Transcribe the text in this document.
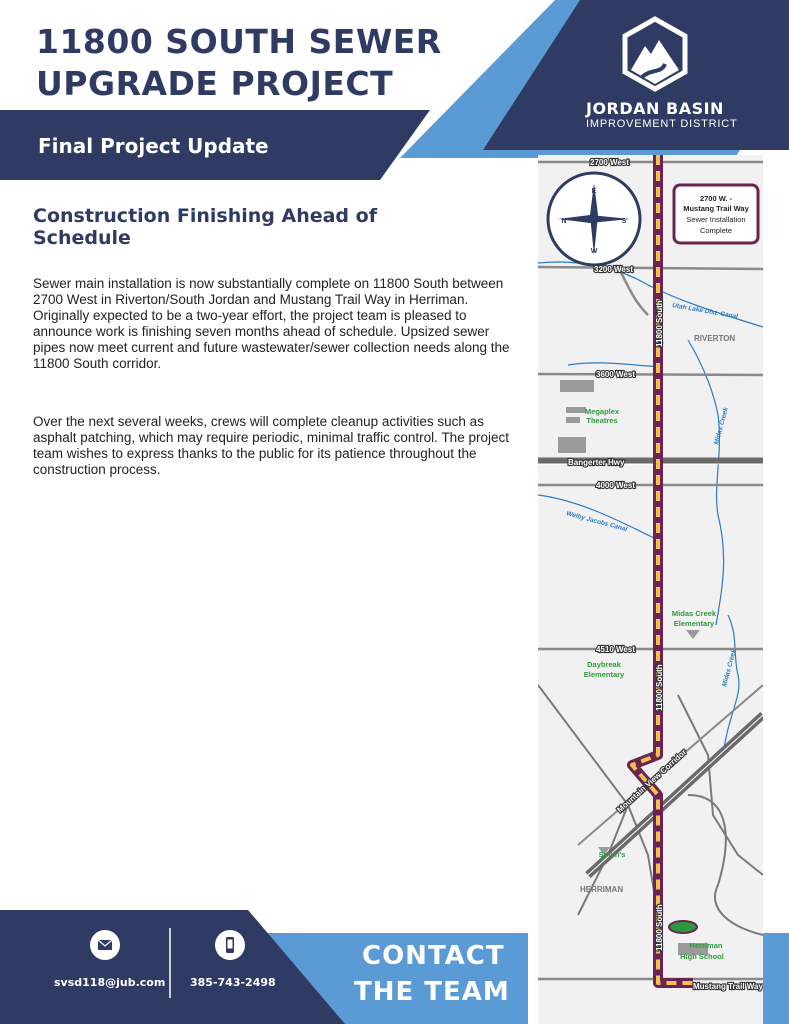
11800 SOUTH SEWER
UPGRADE PROJECT
Final Project Update
JORDAN BASIN
IMPROVEMENT DISTRICT
Construction Finishing Ahead of Schedule

Sewer main installation is now substantially complete on 11800 South between 2700 West in Riverton/South Jordan and Mustang Trail Way in Herriman. Originally expected to be a two-year effort, the project team is pleased to announce work is finishing seven months ahead of schedule. Upsized sewer pipes now meet current and future wastewater/sewer collection needs along the 11800 South corridor.

Over the next several weeks, crews will complete cleanup activities such as asphalt patching, which may require periodic, minimal traffic control. The project team wishes to express thanks to the public for its patience throughout the construction process.

E
N	S
W
2700 W. -
Mustang Trail Way
Sewer Installation
Complete
2700 West
3200 West
3600 West
Bangerter Hwy
4000 West
4510 West
Mustang Trail Way
Mountain View Corridor
11800 South
11800 South
11800 South
Utah Lake Dist. Canal
Welby Jacobs Canal
Midas Creek
Midas Creek
RIVERTON
HERRIMAN
Megaplex
Theatres
Midas Creek
Elementary
Daybreak
Elementary
Smith's
Herriman
High School
svsd118@jub.com 385-743-2498
CONTACT
THE TEAM
